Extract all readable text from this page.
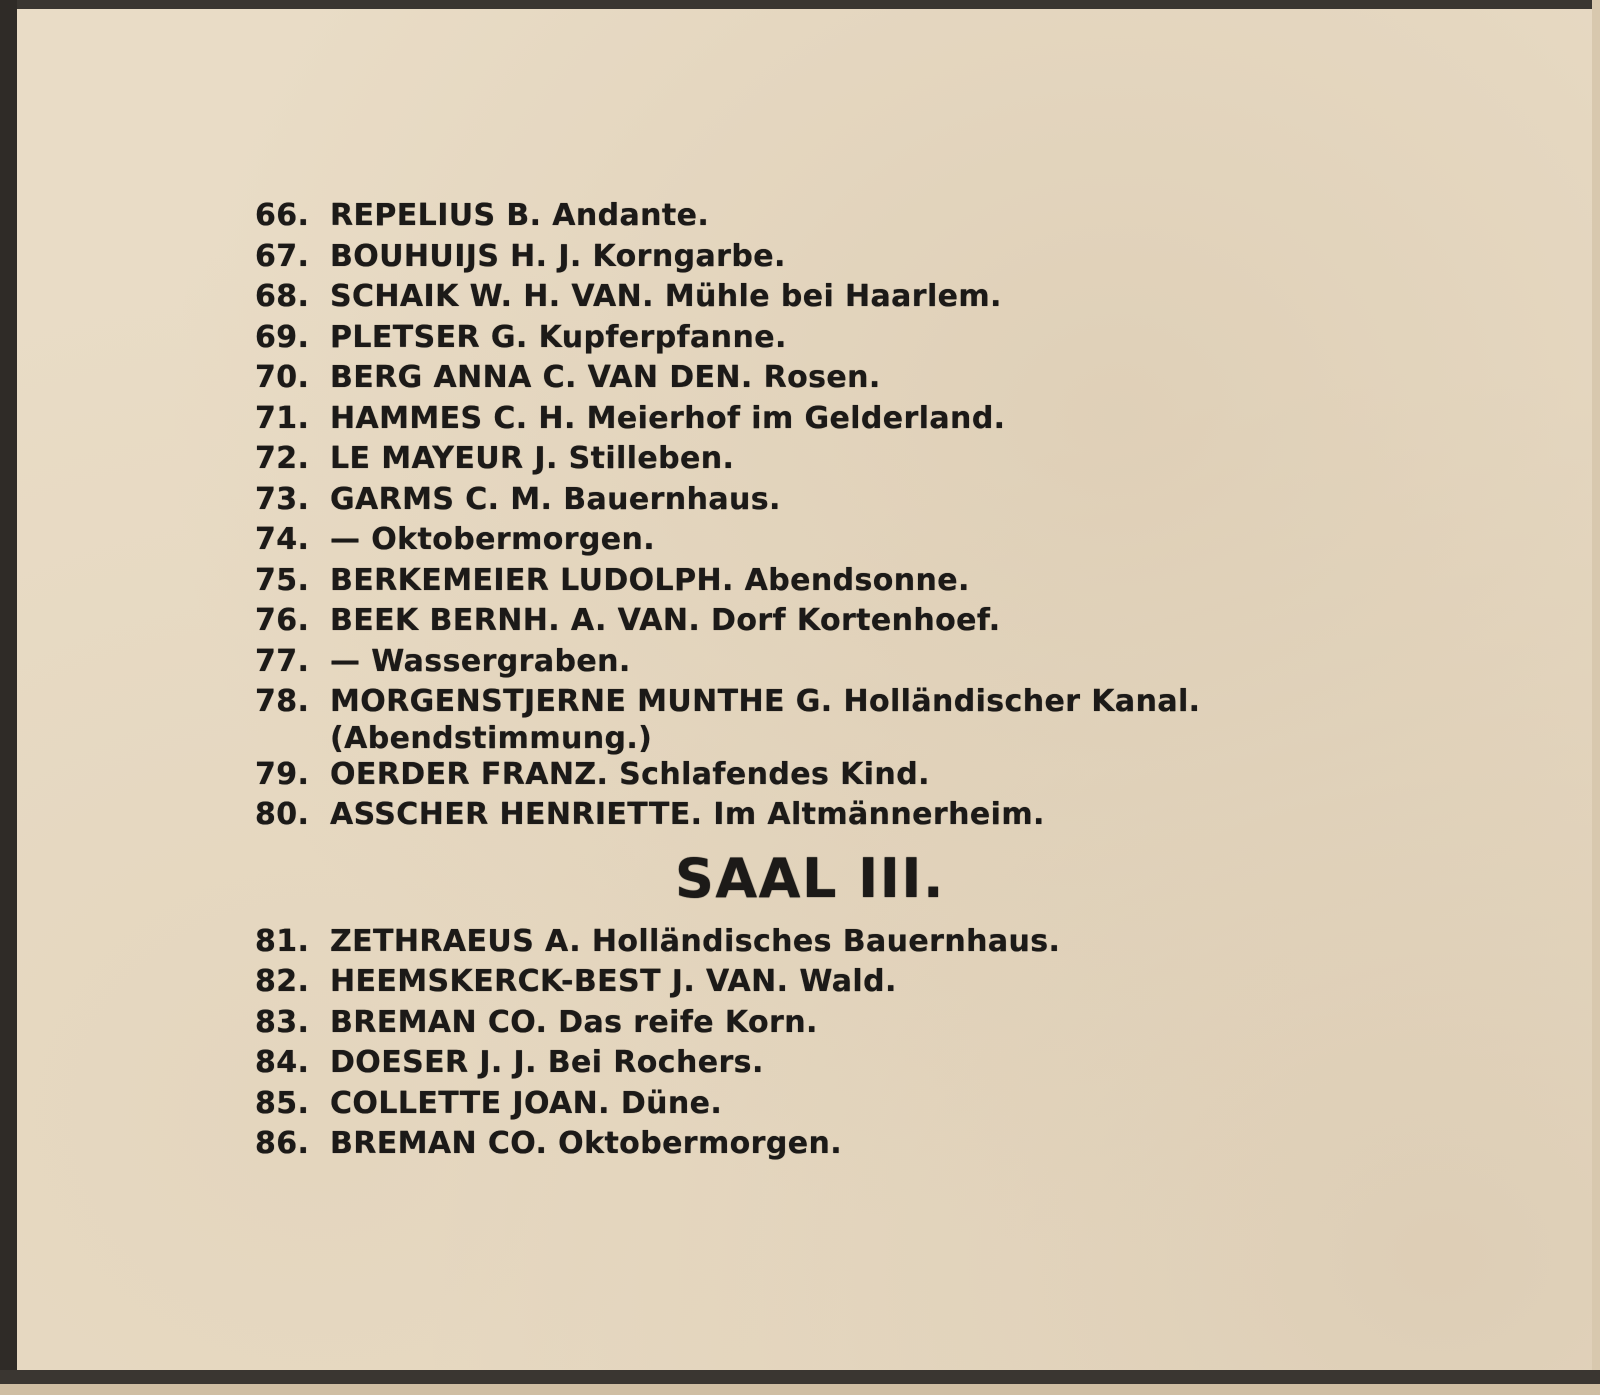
66. REPELIUS B. Andante.
67. BOUHUIJS H. J. Korngarbe.
68. SCHAIK W. H. VAN. Mühle bei Haarlem.
69. PLETSER G. Kupferpfanne.
70. BERG ANNA C. VAN DEN. Rosen.
71. HAMMES C. H. Meierhof im Gelderland.
72. LE MAYEUR J. Stilleben.
73. GARMS C. M. Bauernhaus.
74. — Oktobermorgen.
75. BERKEMEIER LUDOLPH. Abendsonne.
76. BEEK BERNH. A. VAN. Dorf Kortenhoef.
77. — Wassergraben.
78. MORGENSTJERNE MUNTHE G. Holländischer Kanal.
(Abendstimmung.)
79. OERDER FRANZ. Schlafendes Kind.
80. ASSCHER HENRIETTE. Im Altmännerheim.
SAAL III.
81. ZETHRAEUS A. Holländisches Bauernhaus.
82. HEEMSKERCK-BEST J. VAN. Wald.
83. BREMAN CO. Das reife Korn.
84. DOESER J. J. Bei Rochers.
85. COLLETTE JOAN. Düne.
86. BREMAN CO. Oktobermorgen.
